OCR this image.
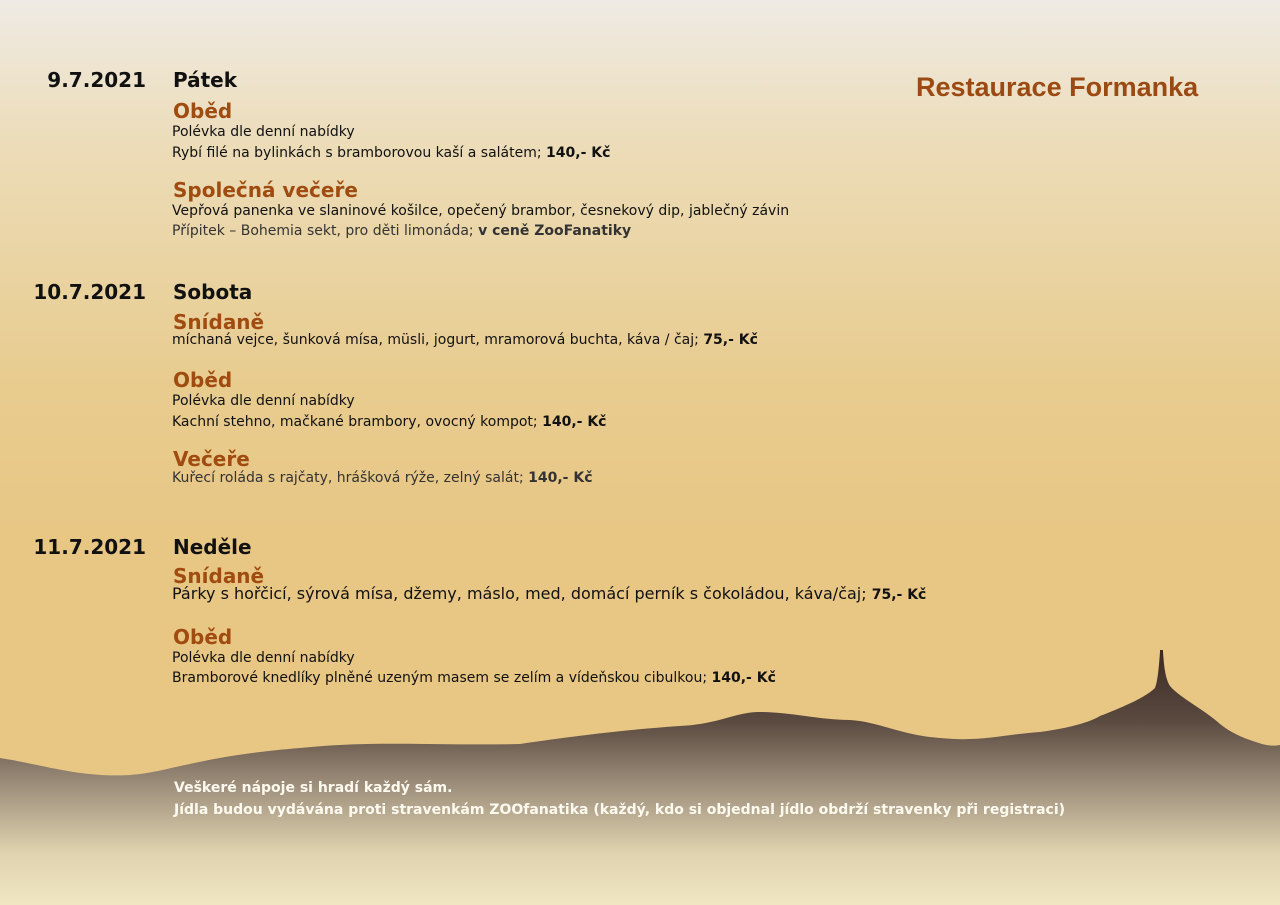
Restaurace Formanka
9.7.2021 Pátek
Oběd
Polévka dle denní nabídky
Rybí filé na bylinkách s bramborovou kaší a salátem; 140,- Kč
Společná večeře
Vepřová panenka ve slaninové košilce, opečený brambor, česnekový dip, jablečný závin
Přípitek – Bohemia sekt, pro děti limonáda; v ceně ZooFanatiky
10.7.2021 Sobota
Snídaně
míchaná vejce, šunková mísa, müsli, jogurt, mramorová buchta, káva / čaj; 75,- Kč
Oběd
Polévka dle denní nabídky
Kachní stehno, mačkané brambory, ovocný kompot; 140,- Kč
Večeře
Kuřecí roláda s rajčaty, hrášková rýže, zelný salát; 140,- Kč
11.7.2021 Neděle
Snídaně
Párky s hořčicí, sýrová mísa, džemy, máslo, med, domácí perník s čokoládou, káva/čaj; 75,- Kč
Oběd
Polévka dle denní nabídky
Bramborové knedlíky plněné uzeným masem se zelím a vídeňskou cibulkou; 140,- Kč
Veškeré nápoje si hradí každý sám.
Jídla budou vydávána proti stravenkám ZOOfanatika (každý, kdo si objednal jídlo obdrží stravenky při registraci)
